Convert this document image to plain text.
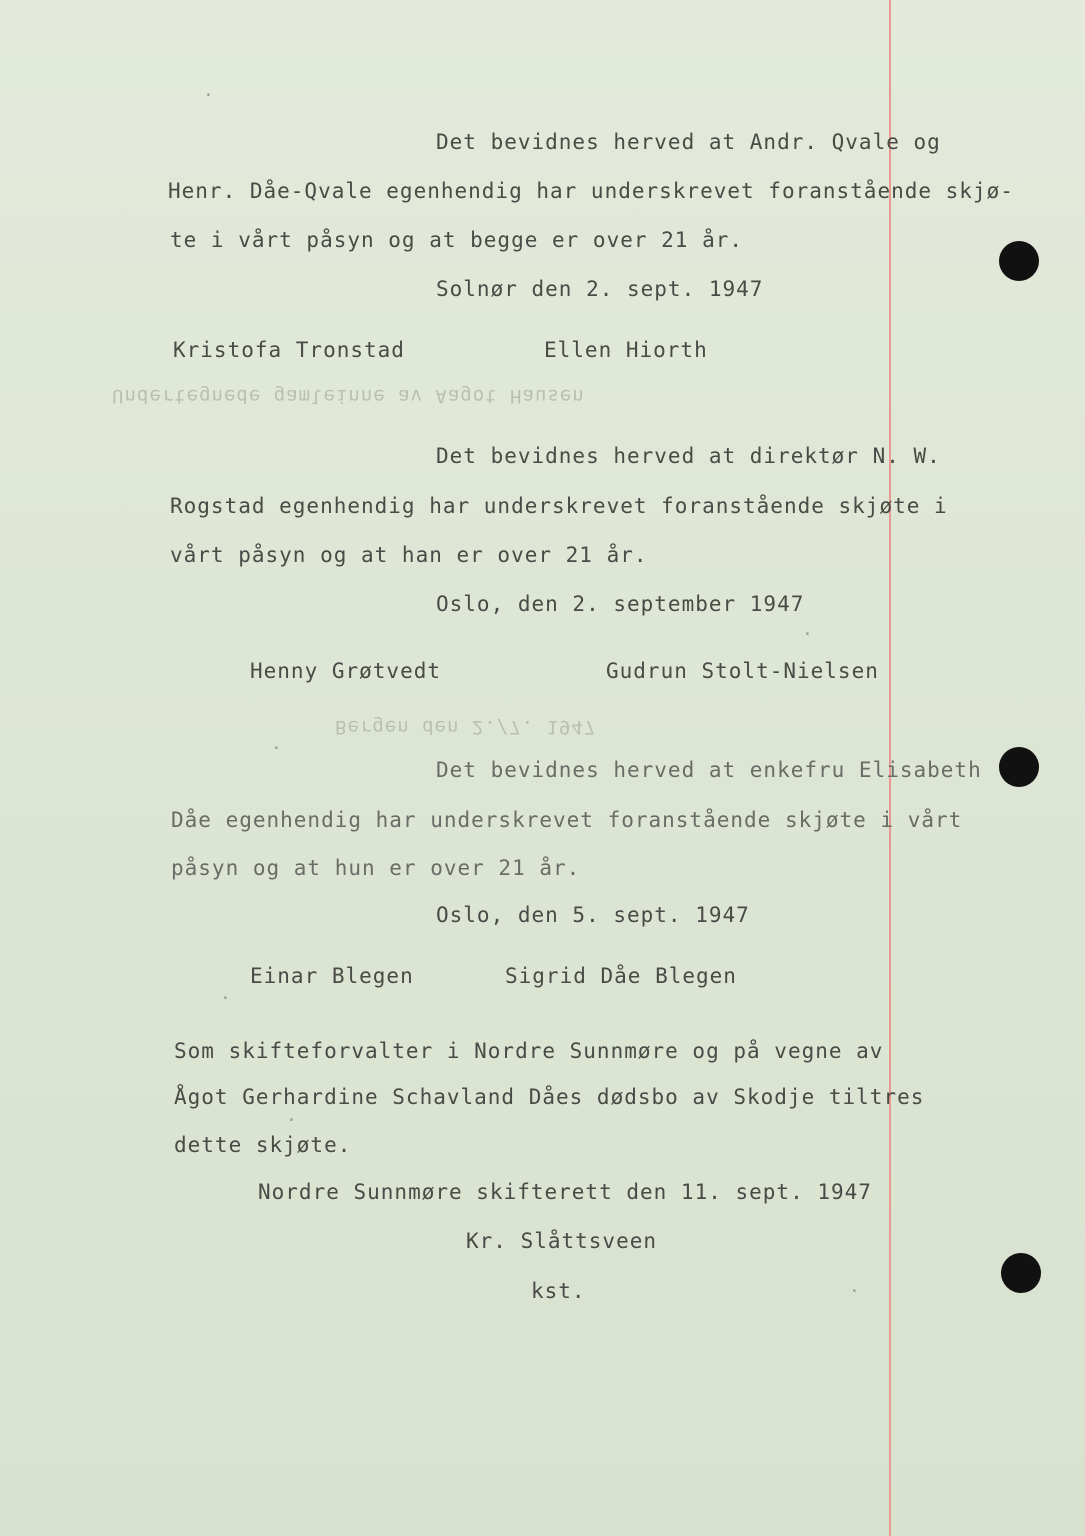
Undertegnede gamleinne av Aagot Hausen
Bergen den 2./7. 1947
Det bevidnes herved at Andr. Qvale og
Henr. Dåe-Qvale egenhendig har underskrevet foranstående skjø-
te i vårt påsyn og at begge er over 21 år.
Solnør den 2. sept. 1947
Kristofa Tronstad	Ellen Hiorth
Det bevidnes herved at direktør N. W.
Rogstad egenhendig har underskrevet foranstående skjøte i
vårt påsyn og at han er over 21 år.
Oslo, den 2. september 1947
Henny Grøtvedt	Gudrun Stolt-Nielsen
Det bevidnes herved at enkefru Elisabeth
Dåe egenhendig har underskrevet foranstående skjøte i vårt
påsyn og at hun er over 21 år.
Oslo, den 5. sept. 1947
Einar Blegen	Sigrid Dåe Blegen
Som skifteforvalter i Nordre Sunnmøre og på vegne av
Ågot Gerhardine Schavland Dåes dødsbo av Skodje tiltres
dette skjøte.
Nordre Sunnmøre skifterett den 11. sept. 1947
Kr. Slåttsveen
kst.
·
·
·
·
·
·
